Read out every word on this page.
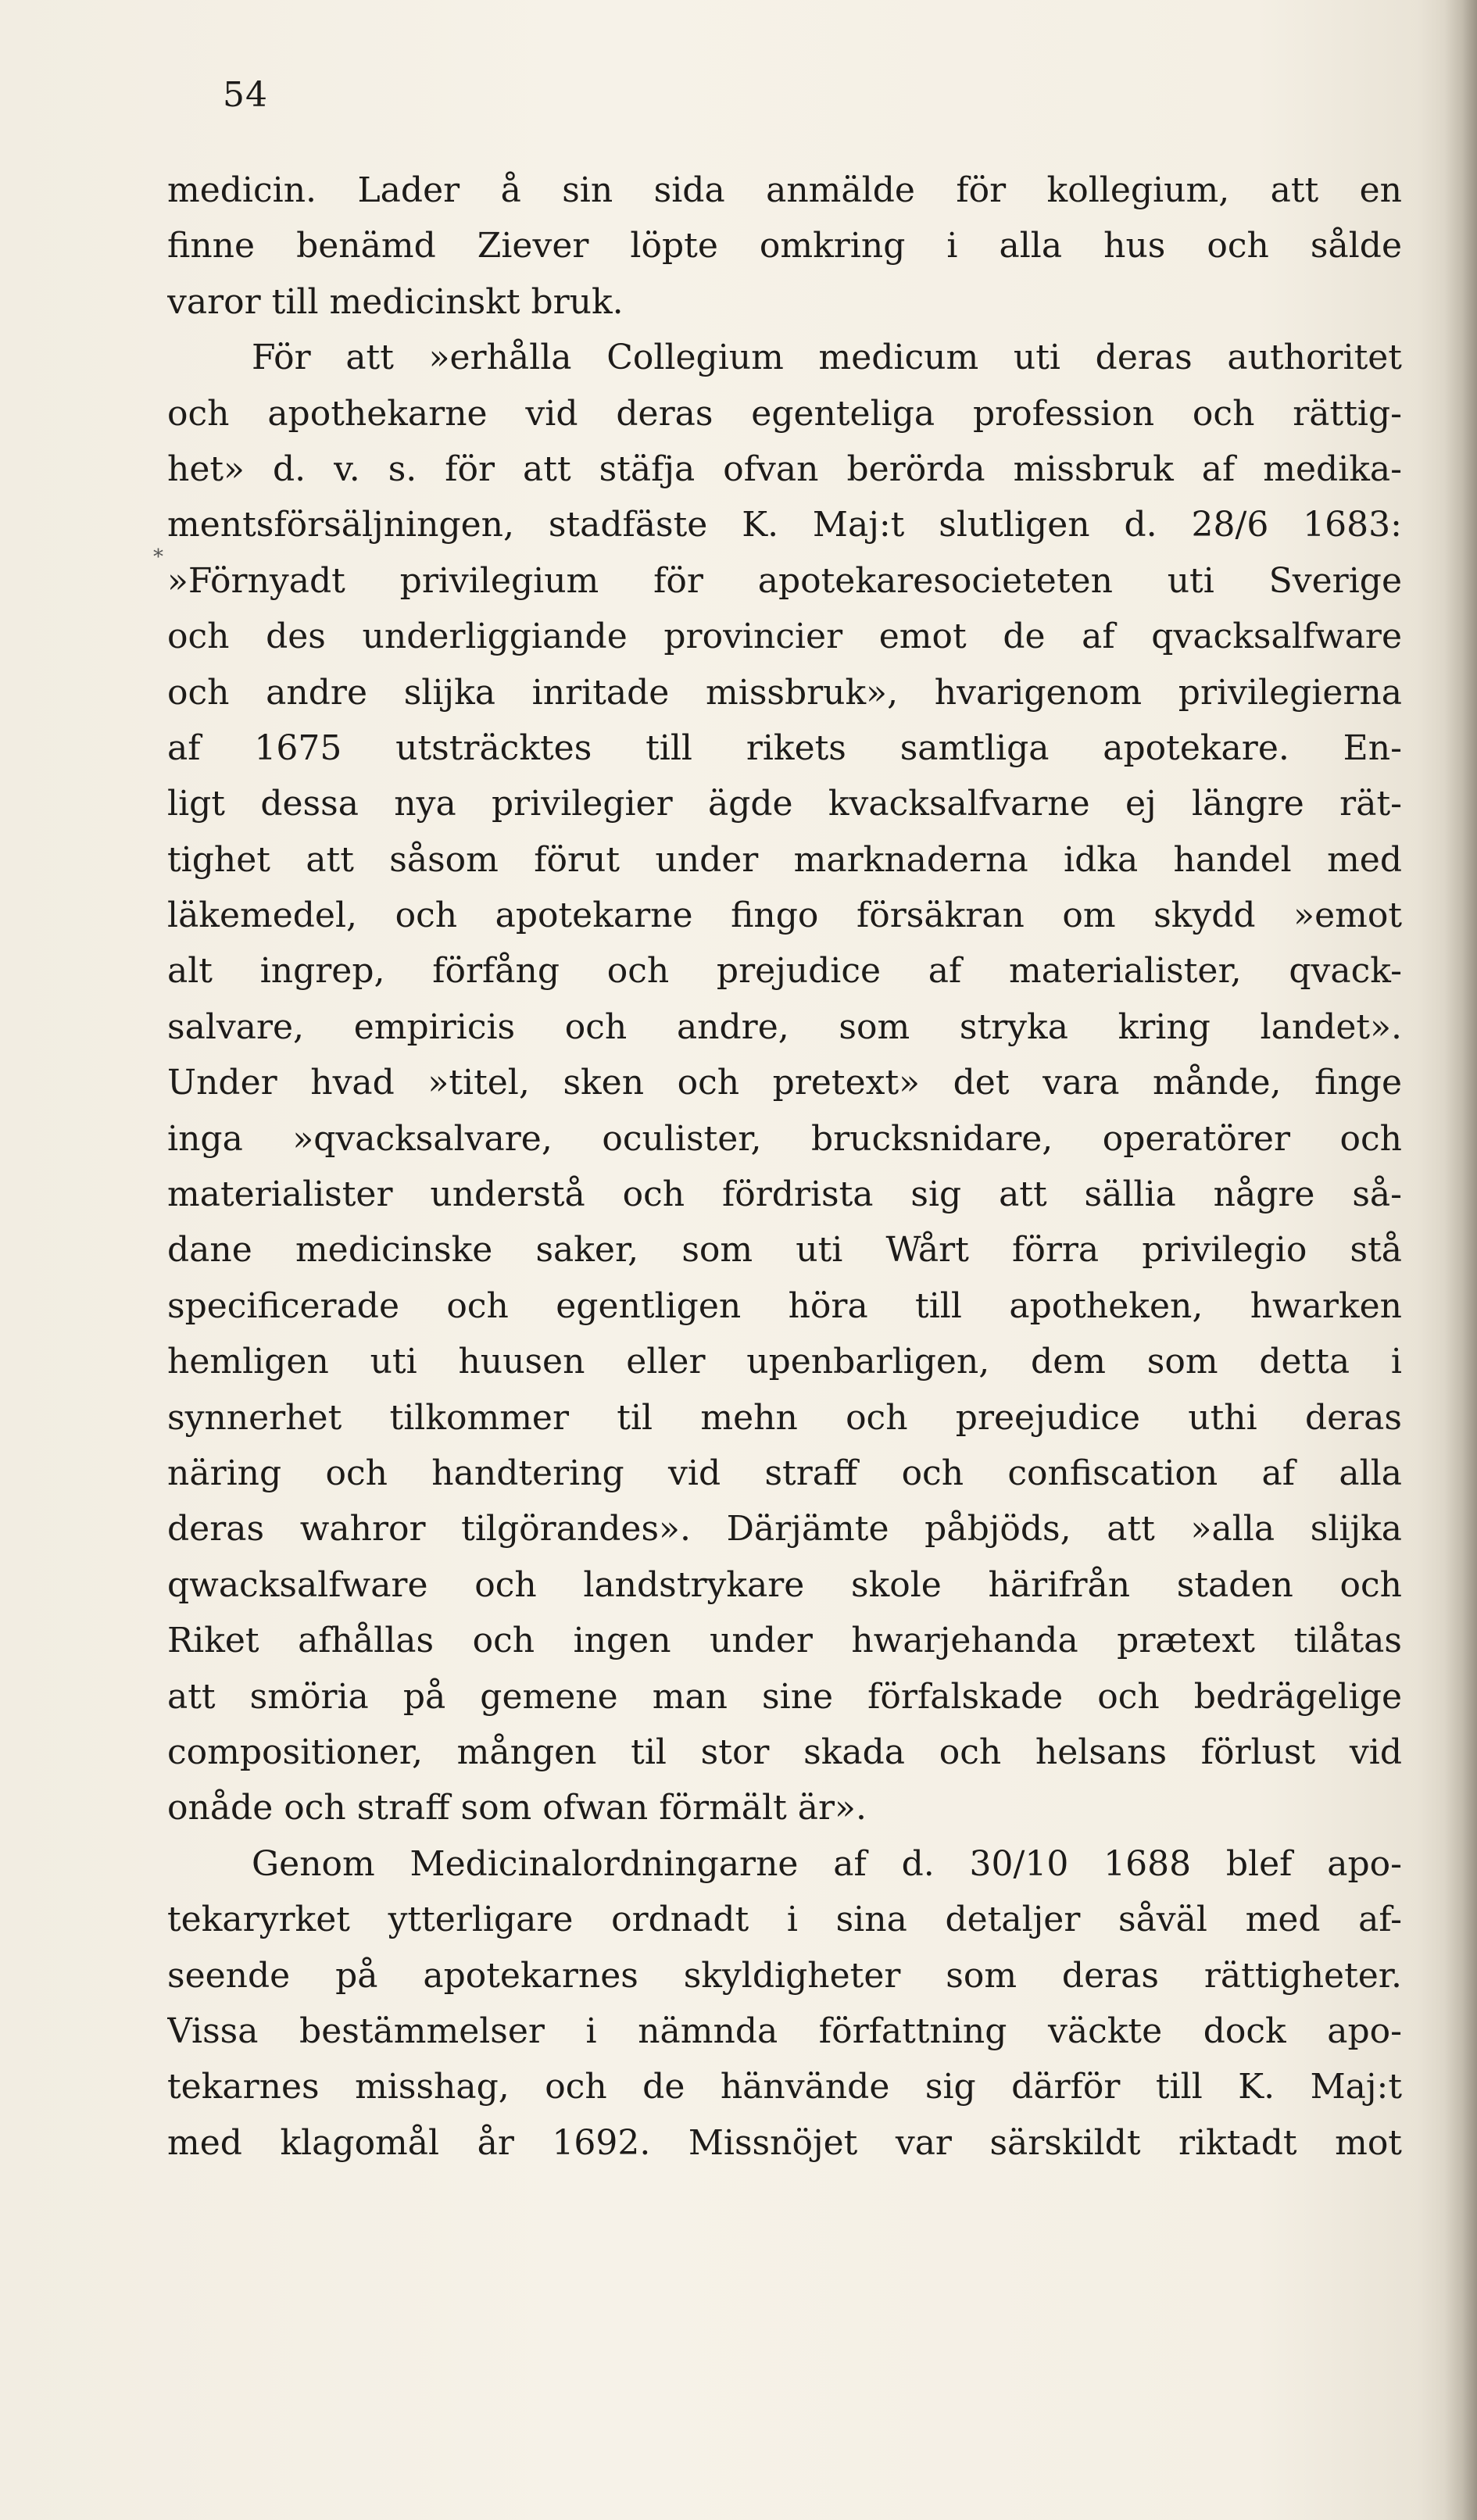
54
*
medicin. Lader å sin sida anmälde för kollegium, att en
finne benämd Ziever löpte omkring i alla hus och sålde
varor till medicinskt bruk.
För att »erhålla Collegium medicum uti deras authoritet
och apothekarne vid deras egenteliga profession och rättig-
het» d. v. s. för att stäfja ofvan berörda missbruk af medika-
mentsförsäljningen, stadfäste K. Maj:t slutligen d. 28/6 1683:
»Förnyadt privilegium för apotekaresocieteten uti Sverige
och des underliggiande provincier emot de af qvacksalfware
och andre slijka inritade missbruk», hvarigenom privilegierna
af 1675 utsträcktes till rikets samtliga apotekare. En-
ligt dessa nya privilegier ägde kvacksalfvarne ej längre rät-
tighet att såsom förut under marknaderna idka handel med
läkemedel, och apotekarne fingo försäkran om skydd »emot
alt ingrep, förfång och prejudice af materialister, qvack-
salvare, empiricis och andre, som stryka kring landet».
Under hvad »titel, sken och pretext» det vara månde, finge
inga »qvacksalvare, oculister, brucksnidare, operatörer och
materialister understå och fördrista sig att sällia någre så-
dane medicinske saker, som uti Wårt förra privilegio stå
specificerade och egentligen höra till apotheken, hwarken
hemligen uti huusen eller upenbarligen, dem som detta i
synnerhet tilkommer til mehn och preejudice uthi deras
näring och handtering vid straff och confiscation af alla
deras wahror tilgörandes». Därjämte påbjöds, att »alla slijka
qwacksalfware och landstrykare skole härifrån staden och
Riket afhållas och ingen under hwarjehanda prætext tilåtas
att smöria på gemene man sine förfalskade och bedrägelige
compositioner, mången til stor skada och helsans förlust vid
onåde och straff som ofwan förmält är».
Genom Medicinalordningarne af d. 30/10 1688 blef apo-
tekaryrket ytterligare ordnadt i sina detaljer såväl med af-
seende på apotekarnes skyldigheter som deras rättigheter.
Vissa bestämmelser i nämnda författning väckte dock apo-
tekarnes misshag, och de hänvände sig därför till K. Maj:t
med klagomål år 1692. Missnöjet var särskildt riktadt mot
